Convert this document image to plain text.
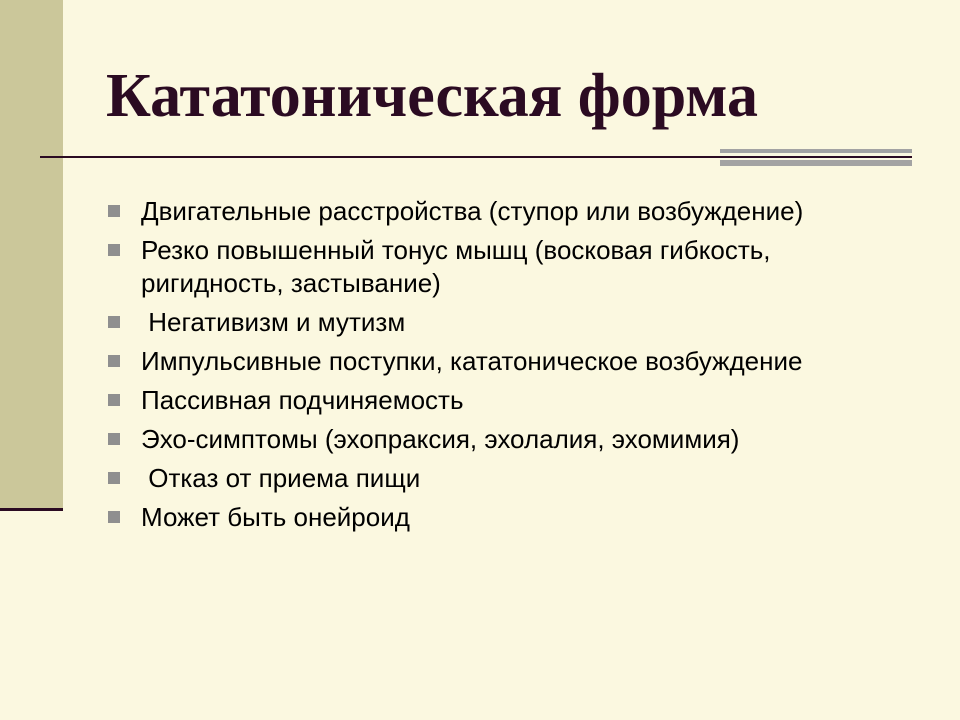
Кататоническая форма
Двигательные расстройства (ступор или возбуждение)
Резко повышенный тонус мышц (восковая гибкость, ригидность, застывание)
Негативизм и мутизм
Импульсивные поступки, кататоническое возбуждение
Пассивная подчиняемость
Эхо-симптомы (эхопраксия, эхолалия, эхомимия)
Отказ от приема пищи
Может быть онейроид
